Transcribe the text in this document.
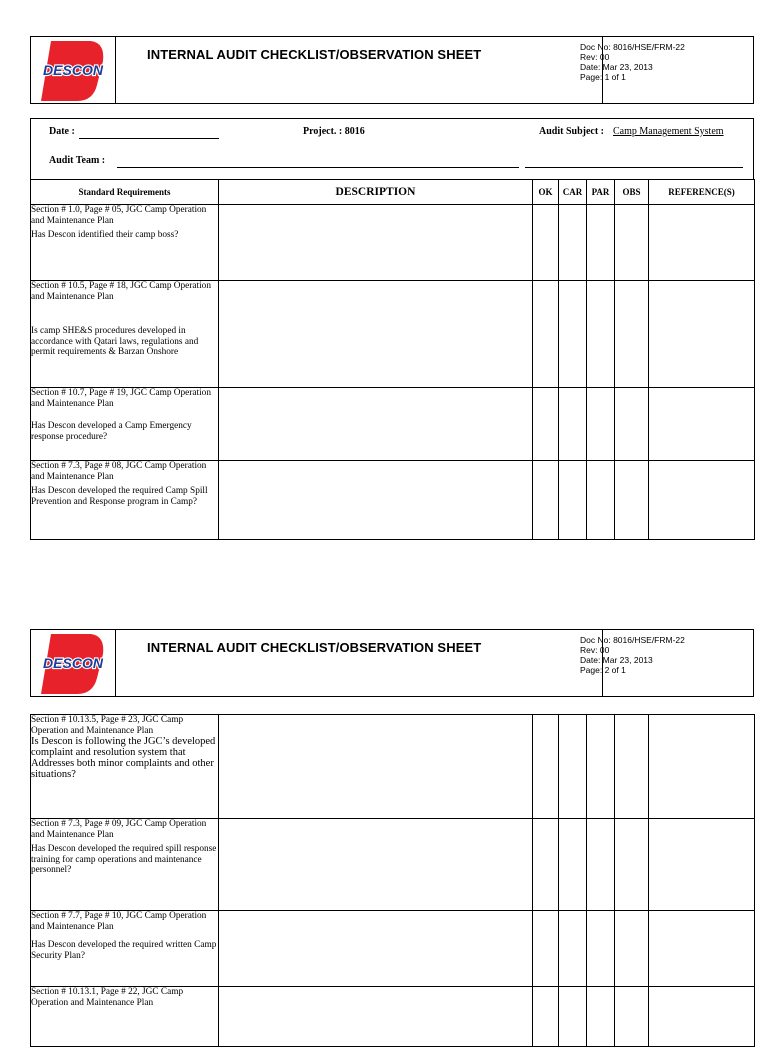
DESCON
INTERNAL AUDIT CHECKLIST/OBSERVATION SHEET	Doc No: 8016/HSE/FRM-22
Rev: 00
Date: Mar 23, 2013
Page: 1 of 1
Date :	Project. : 8016	Audit Subject : Camp Management System
Audit Team :
Standard Requirements	DESCRIPTION	OK	CAR	PAR	OBS	REFERENCE(S)

Section # 1.0, Page # 05, JGC Camp Operation and Maintenance Plan
Has Descon identified their camp boss?						

Section # 10.5, Page # 18, JGC Camp Operation and Maintenance Plan
Is camp SHE&S procedures developed in accordance with Qatari laws, regulations and permit requirements & Barzan Onshore						

Section # 10.7, Page # 19, JGC Camp Operation and Maintenance Plan
Has Descon developed a Camp Emergency response procedure?						

Section # 7.3, Page # 08, JGC Camp Operation and Maintenance Plan
Has Descon developed the required Camp Spill Prevention and Response program in Camp?						

DESCON
INTERNAL AUDIT CHECKLIST/OBSERVATION SHEET	Doc No: 8016/HSE/FRM-22
Rev: 00
Date: Mar 23, 2013
Page: 2 of 1
Section # 10.13.5, Page # 23, JGC Camp Operation and Maintenance Plan
Is Descon is following the JGC’s developed complaint and resolution system that Addresses both minor complaints and other situations?						

Section # 7.3, Page # 09, JGC Camp Operation and Maintenance Plan
Has Descon developed the required spill response training for camp operations and maintenance personnel?						

Section # 7.7, Page # 10, JGC Camp Operation and Maintenance Plan
Has Descon developed the required written Camp Security Plan?						

Section # 10.13.1, Page # 22, JGC Camp Operation and Maintenance Plan						
